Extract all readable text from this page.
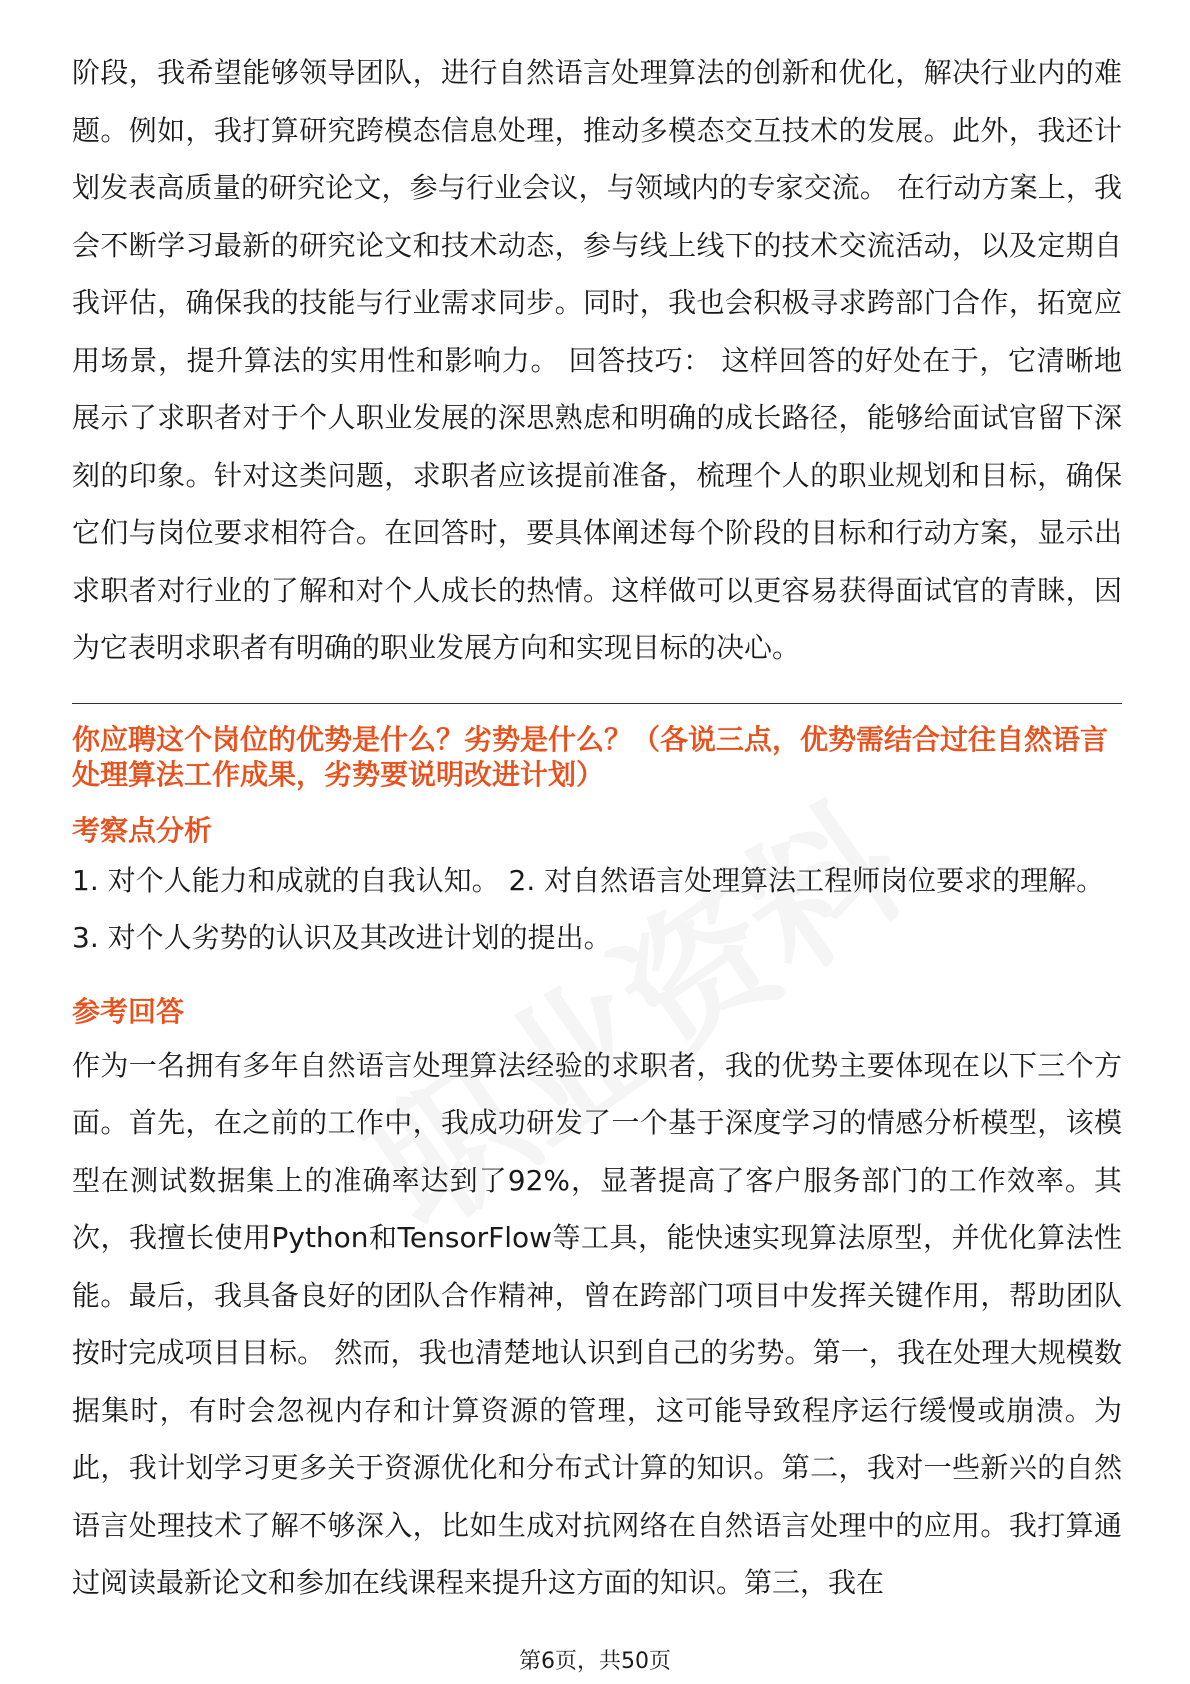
阶段，我希望能够领导团队，进行自然语言处理算法的创新和优化，解决行业内的难题。例如，我打算研究跨模态信息处理，推动多模态交互技术的发展。此外，我还计划发表高质量的研究论文，参与行业会议，与领域内的专家交流。 在行动方案上，我会不断学习最新的研究论文和技术动态，参与线上线下的技术交流活动，以及定期自我评估，确保我的技能与行业需求同步。同时，我也会积极寻求跨部门合作，拓宽应用场景，提升算法的实用性和影响力。 回答技巧： 这样回答的好处在于，它清晰地展示了求职者对于个人职业发展的深思熟虑和明确的成长路径，能够给面试官留下深刻的印象。针对这类问题，求职者应该提前准备，梳理个人的职业规划和目标，确保它们与岗位要求相符合。在回答时，要具体阐述每个阶段的目标和行动方案，显示出求职者对行业的了解和对个人成长的热情。这样做可以更容易获得面试官的青睐，因为它表明求职者有明确的职业发展方向和实现目标的决心。

你应聘这个岗位的优势是什么？劣势是什么？（各说三点，优势需结合过往自然语言处理算法工作成果，劣势要说明改进计划）

考察点分析

1. 对个人能力和成就的自我认知。 2. 对自然语言处理算法工程师岗位要求的理解。 3. 对个人劣势的认识及其改进计划的提出。

参考回答

作为一名拥有多年自然语言处理算法经验的求职者，我的优势主要体现在以下三个方面。首先，在之前的工作中，我成功研发了一个基于深度学习的情感分析模型，该模型在测试数据集上的准确率达到了92%，显著提高了客户服务部门的工作效率。其次，我擅长使用Python和TensorFlow等工具，能快速实现算法原型，并优化算法性能。最后，我具备良好的团队合作精神，曾在跨部门项目中发挥关键作用，帮助团队按时完成项目目标。 然而，我也清楚地认识到自己的劣势。第一，我在处理大规模数据集时，有时会忽视内存和计算资源的管理，这可能导致程序运行缓慢或崩溃。为此，我计划学习更多关于资源优化和分布式计算的知识。第二，我对一些新兴的自然语言处理技术了解不够深入，比如生成对抗网络在自然语言处理中的应用。我打算通过阅读最新论文和参加在线课程来提升这方面的知识。第三，我在

第6页，共50页
